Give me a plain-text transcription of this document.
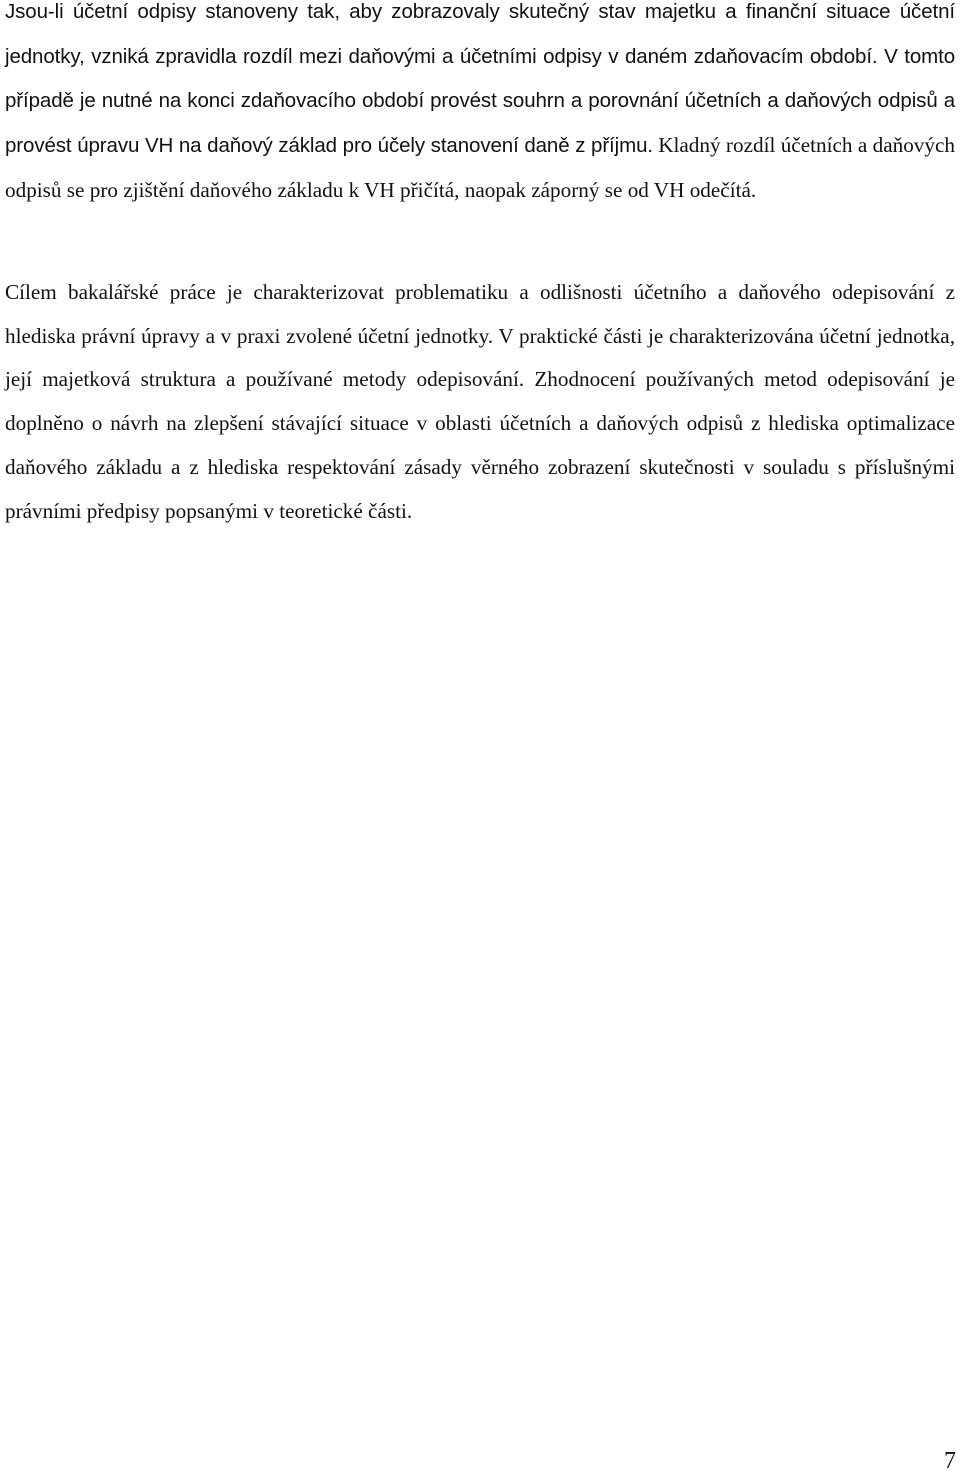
Jsou-li účetní odpisy stanoveny tak, aby zobrazovaly skutečný stav majetku a finanční situace účetní jednotky, vzniká zpravidla rozdíl mezi daňovými a účetními odpisy v daném zdaňovacím období. V tomto případě je nutné na konci zdaňovacího období provést souhrn a porovnání účetních a daňových odpisů a provést úpravu VH na daňový základ pro účely stanovení daně z příjmu. Kladný rozdíl účetních a daňových odpisů se pro zjištění daňového základu k VH přičítá, naopak záporný se od VH odečítá.
Cílem bakalářské práce je charakterizovat problematiku a odlišnosti účetního a daňového odepisování z hlediska právní úpravy a v praxi zvolené účetní jednotky. V praktické části je charakterizována účetní jednotka, její majetková struktura a používané metody odepisování. Zhodnocení používaných metod odepisování je doplněno o návrh na zlepšení stávající situace v oblasti účetních a daňových odpisů z hlediska optimalizace daňového základu a z hlediska respektování zásady věrného zobrazení skutečnosti v souladu s příslušnými právními předpisy popsanými v teoretické části.
7
